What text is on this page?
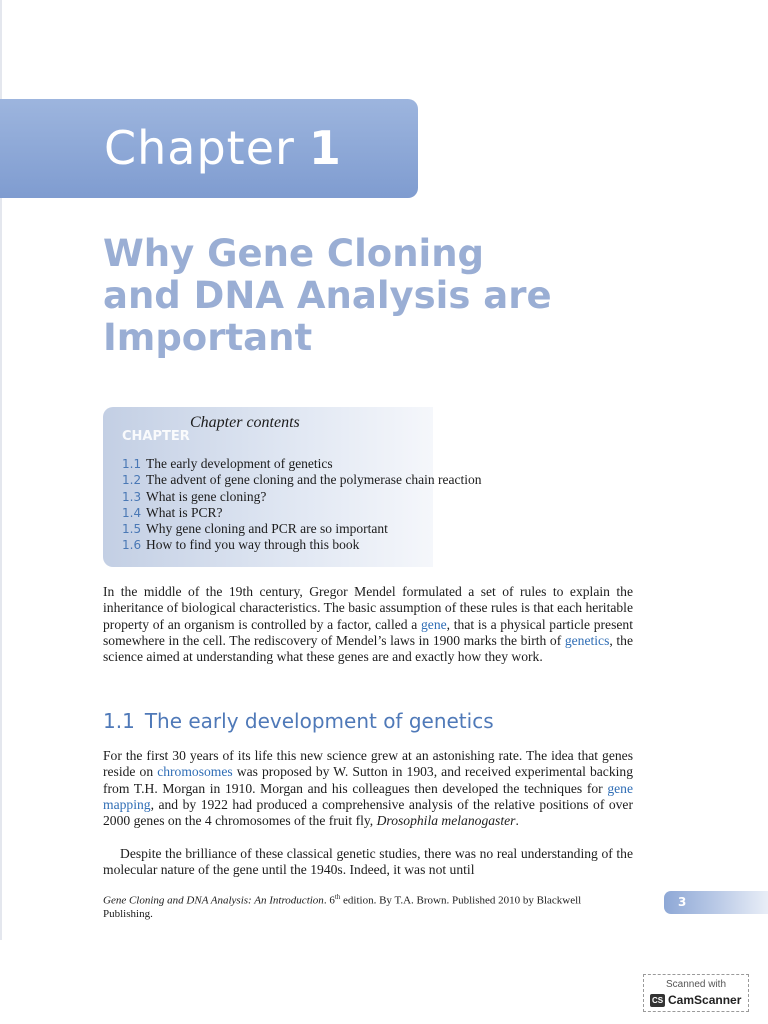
Chapter 1
Why Gene Cloning
and DNA Analysis are
Important
CHAPTER
Chapter contents
1.1 The early development of genetics
1.2 The advent of gene cloning and the polymerase chain reaction
1.3 What is gene cloning?
1.4 What is PCR?
1.5 Why gene cloning and PCR are so important
1.6 How to find you way through this book

In the middle of the 19th century, Gregor Mendel formulated a set of rules to explain the inheritance of biological characteristics. The basic assumption of these rules is that each heritable property of an organism is controlled by a factor, called a gene, that is a physical particle present somewhere in the cell. The rediscovery of Mendel’s laws in 1900 marks the birth of genetics, the science aimed at understanding what these genes are and exactly how they work.

1.1 The early development of genetics

For the first 30 years of its life this new science grew at an astonishing rate. The idea that genes reside on chromosomes was proposed by W. Sutton in 1903, and received experimental backing from T.H. Morgan in 1910. Morgan and his colleagues then developed the techniques for gene mapping, and by 1922 had produced a comprehensive analysis of the relative positions of over 2000 genes on the 4 chromosomes of the fruit fly, Drosophila melanogaster.

Despite the brilliance of these classical genetic studies, there was no real understanding of the molecular nature of the gene until the 1940s. Indeed, it was not until

Gene Cloning and DNA Analysis: An Introduction. 6th edition. By T.A. Brown. Published 2010 by Blackwell Publishing.

3
Scanned with
CS CamScanner
